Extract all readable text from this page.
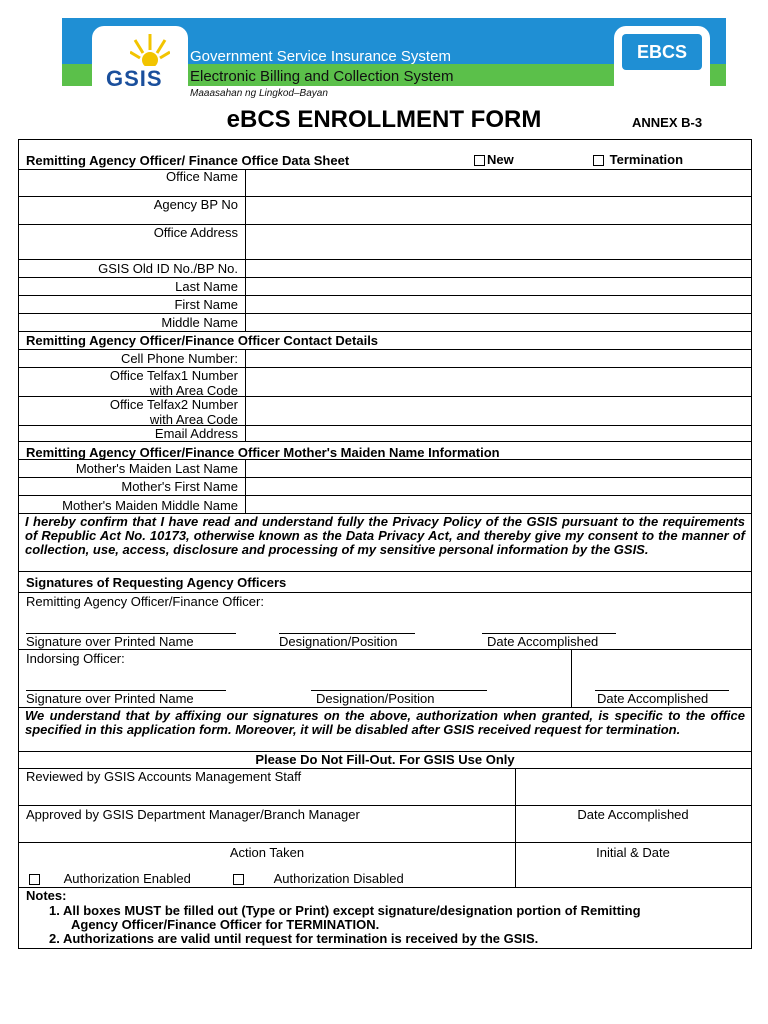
GSIS
Government Service Insurance System
Electronic Billing and Collection System
Maaasahan ng Lingkod–Bayan
EBCS
eBCS ENROLLMENT FORM	ANNEX B-3
Remitting Agency Officer/ Finance Office Data Sheet	New	Termination
Office Name
Agency BP No
Office Address
GSIS Old ID No./BP No.
Last Name
First Name
Middle Name
Remitting Agency Officer/Finance Officer Contact Details
Cell Phone Number:
Office Telfax1 Number
with Area Code
Office Telfax2 Number
with Area Code
Email Address
Remitting Agency Officer/Finance Officer Mother's Maiden Name Information
Mother's Maiden Last Name
Mother's First Name
Mother's Maiden Middle Name
I hereby confirm that I have read and understand fully the Privacy Policy of the GSIS pursuant to the requirements of Republic Act No. 10173, otherwise known as the Data Privacy Act, and thereby give my consent to the manner of collection, use, access, disclosure and processing of my sensitive personal information by the GSIS.
Signatures of Requesting Agency Officers
Remitting Agency Officer/Finance Officer:
Signature over Printed Name	Designation/Position	Date Accomplished
Indorsing Officer:
Signature over Printed Name	Designation/Position	Date Accomplished
We understand that by affixing our signatures on the above, authorization when granted, is specific to the office specified in this application form. Moreover, it will be disabled after GSIS received request for termination.
Please Do Not Fill-Out. For GSIS Use Only
Reviewed by GSIS Accounts Management Staff
Approved by GSIS Department Manager/Branch Manager	Date Accomplished
Action Taken	Initial & Date
Authorization Enabled	Authorization Disabled
Notes:
1. All boxes MUST be filled out (Type or Print) except signature/designation portion of Remitting
Agency Officer/Finance Officer for TERMINATION.
2. Authorizations are valid until request for termination is received by the GSIS.
